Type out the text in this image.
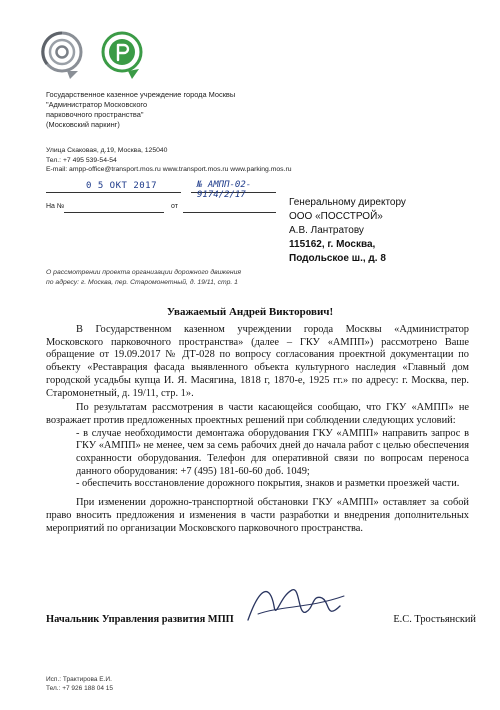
Государственное казенное учреждение города Москвы
"Администратор Московского
парковочного пространства"
(Московский паркинг)
Улица Скаковая, д.19, Москва, 125040
Тел.: +7 495 539-54-54
E-mail: ampp-office@transport.mos.ru www.transport.mos.ru www.parking.mos.ru
0 5 ОКТ 2017	№ АМПП-02-9174/2/17
На №	от	Генеральному директору
ООО «ПОССТРОЙ»
А.В. Лантратову
115162, г. Москва,
Подольское ш., д. 8
О рассмотрении проекта организации дорожного движения
по адресу: г. Москва, пер. Старомонетный, д. 19/11, стр. 1
Уважаемый Андрей Викторович!

В Государственном казенном учреждении города Москвы «Администратор Московского парковочного пространства» (далее – ГКУ «АМПП») рассмотрено Ваше обращение от 19.09.2017 № ДТ-028 по вопросу согласования проектной документации по объекту «Реставрация фасада выявленного объекта культурного наследия «Главный дом городской усадьбы купца И. Я. Масягина, 1818 г, 1870-е, 1925 гг.» по адресу: г. Москва, пер. Старомонетный, д. 19/11, стр. 1».

По результатам рассмотрения в части касающейся сообщаю, что ГКУ «АМПП» не возражает против предложенных проектных решений при соблюдении следующих условий:

- в случае необходимости демонтажа оборудования ГКУ «АМПП» направить запрос в ГКУ «АМПП» не менее, чем за семь рабочих дней до начала работ с целью обеспечения сохранности оборудования. Телефон для оперативной связи по вопросам переноса данного оборудования: +7 (495) 181-60-60 доб. 1049;

- обеспечить восстановление дорожного покрытия, знаков и разметки проезжей части.

При изменении дорожно-транспортной обстановки ГКУ «АМПП» оставляет за собой право вносить предложения и изменения в части разработки и внедрения дополнительных мероприятий по организации Московского парковочного пространства.

Начальник Управления развития МПП	Е.С. Тростьянский
Исп.: Трактирова Е.И.
Тел.: +7 926 188 04 15
